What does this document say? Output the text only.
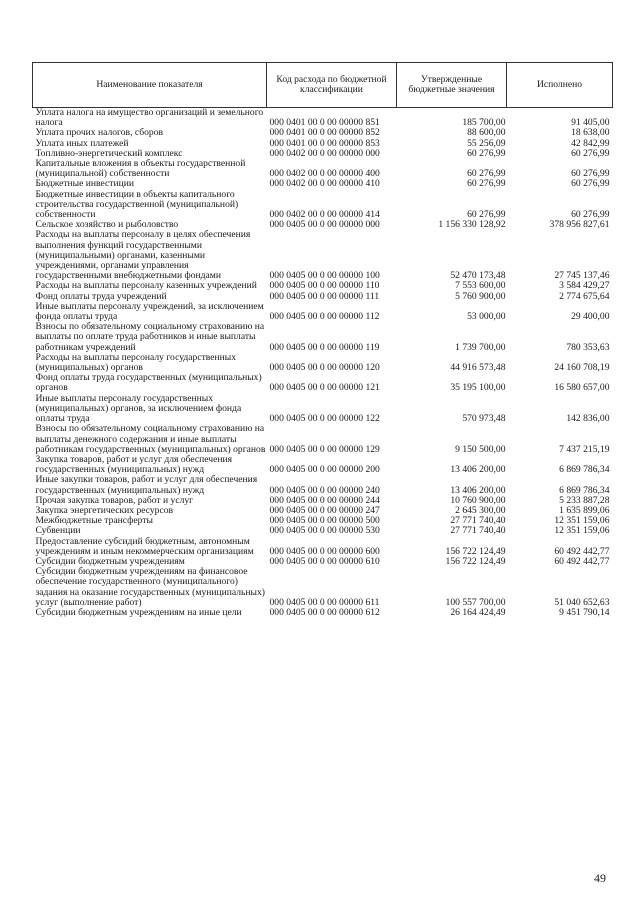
Наименование показателя	Код расхода по бюджетной классификации	Утвержденные бюджетные значения	Исполнено
Уплата налога на имущество организаций и земельного налога	000 0401 00 0 00 00000 851	185 700,00	91 405,00
Уплата прочих налогов, сборов	000 0401 00 0 00 00000 852	88 600,00	18 638,00
Уплата иных платежей	000 0401 00 0 00 00000 853	55 256,09	42 842,99
Топливно-энергетический комплекс	000 0402 00 0 00 00000 000	60 276,99	60 276,99
Капитальные вложения в объекты государственной (муниципальной) собственности	000 0402 00 0 00 00000 400	60 276,99	60 276,99
Бюджетные инвестиции	000 0402 00 0 00 00000 410	60 276,99	60 276,99
Бюджетные инвестиции в объекты капитального строительства государственной (муниципальной) собственности	000 0402 00 0 00 00000 414	60 276,99	60 276,99
Сельское хозяйство и рыболовство	000 0405 00 0 00 00000 000	1 156 330 128,92	378 956 827,61
Расходы на выплаты персоналу в целях обеспечения выполнения функций государственными (муниципальными) органами, казенными учреждениями, органами управления государственными внебюджетными фондами	000 0405 00 0 00 00000 100	52 470 173,48	27 745 137,46
Расходы на выплаты персоналу казенных учреждений	000 0405 00 0 00 00000 110	7 553 600,00	3 584 429,27
Фонд оплаты труда учреждений	000 0405 00 0 00 00000 111	5 760 900,00	2 774 675,64
Иные выплаты персоналу учреждений, за исключением фонда оплаты труда	000 0405 00 0 00 00000 112	53 000,00	29 400,00
Взносы по обязательному социальному страхованию на выплаты по оплате труда работников и иные выплаты работникам учреждений	000 0405 00 0 00 00000 119	1 739 700,00	780 353,63
Расходы на выплаты персоналу государственных (муниципальных) органов	000 0405 00 0 00 00000 120	44 916 573,48	24 160 708,19
Фонд оплаты труда государственных (муниципальных) органов	000 0405 00 0 00 00000 121	35 195 100,00	16 580 657,00
Иные выплаты персоналу государственных (муниципальных) органов, за исключением фонда оплаты труда	000 0405 00 0 00 00000 122	570 973,48	142 836,00
Взносы по обязательному социальному страхованию на выплаты денежного содержания и иные выплаты работникам государственных (муниципальных) органов	000 0405 00 0 00 00000 129	9 150 500,00	7 437 215,19
Закупка товаров, работ и услуг для обеспечения государственных (муниципальных) нужд	000 0405 00 0 00 00000 200	13 406 200,00	6 869 786,34
Иные закупки товаров, работ и услуг для обеспечения государственных (муниципальных) нужд	000 0405 00 0 00 00000 240	13 406 200,00	6 869 786,34
Прочая закупка товаров, работ и услуг	000 0405 00 0 00 00000 244	10 760 900,00	5 233 887,28
Закупка энергетических ресурсов	000 0405 00 0 00 00000 247	2 645 300,00	1 635 899,06
Межбюджетные трансферты	000 0405 00 0 00 00000 500	27 771 740,40	12 351 159,06
Субвенции	000 0405 00 0 00 00000 530	27 771 740,40	12 351 159,06
Предоставление субсидий бюджетным, автономным учреждениям и иным некоммерческим организациям	000 0405 00 0 00 00000 600	156 722 124,49	60 492 442,77
Субсидии бюджетным учреждениям	000 0405 00 0 00 00000 610	156 722 124,49	60 492 442,77
Субсидии бюджетным учреждениям на финансовое обеспечение государственного (муниципального) задания на оказание государственных (муниципальных) услуг (выполнение работ)	000 0405 00 0 00 00000 611	100 557 700,00	51 040 652,63
Субсидии бюджетным учреждениям на иные цели	000 0405 00 0 00 00000 612	26 164 424,49	9 451 790,14
49
